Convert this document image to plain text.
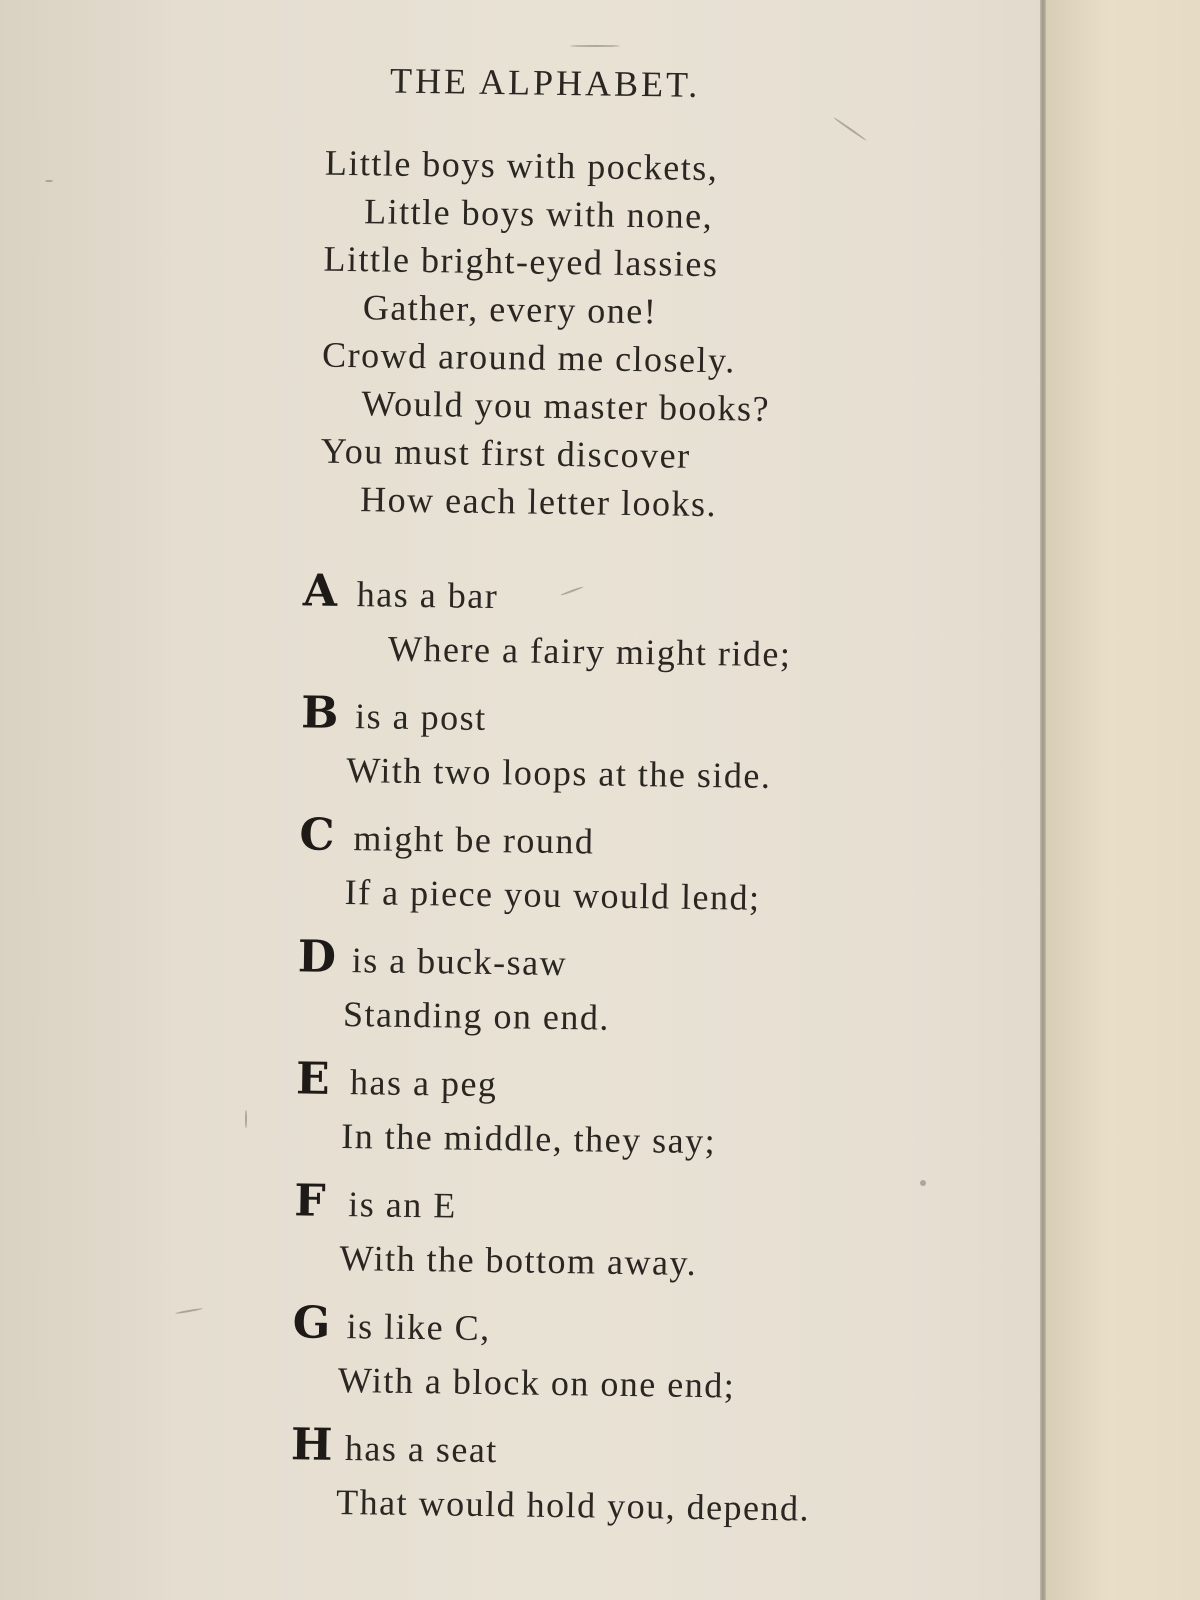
THE ALPHABET.
Little boys with pockets,
Little boys with none,
Little bright-eyed lassies
Gather, every one!
Crowd around me closely.
Would you master books?
You must first discover
How each letter looks.
A has a bar
Where a fairy might ride;
B is a post
With two loops at the side.
C might be round
If a piece you would lend;
D is a buck-saw
Standing on end.
E has a peg
In the middle, they say;
F is an E
With the bottom away.
G is like C,
With a block on one end;
H has a seat
That would hold you, depend.
